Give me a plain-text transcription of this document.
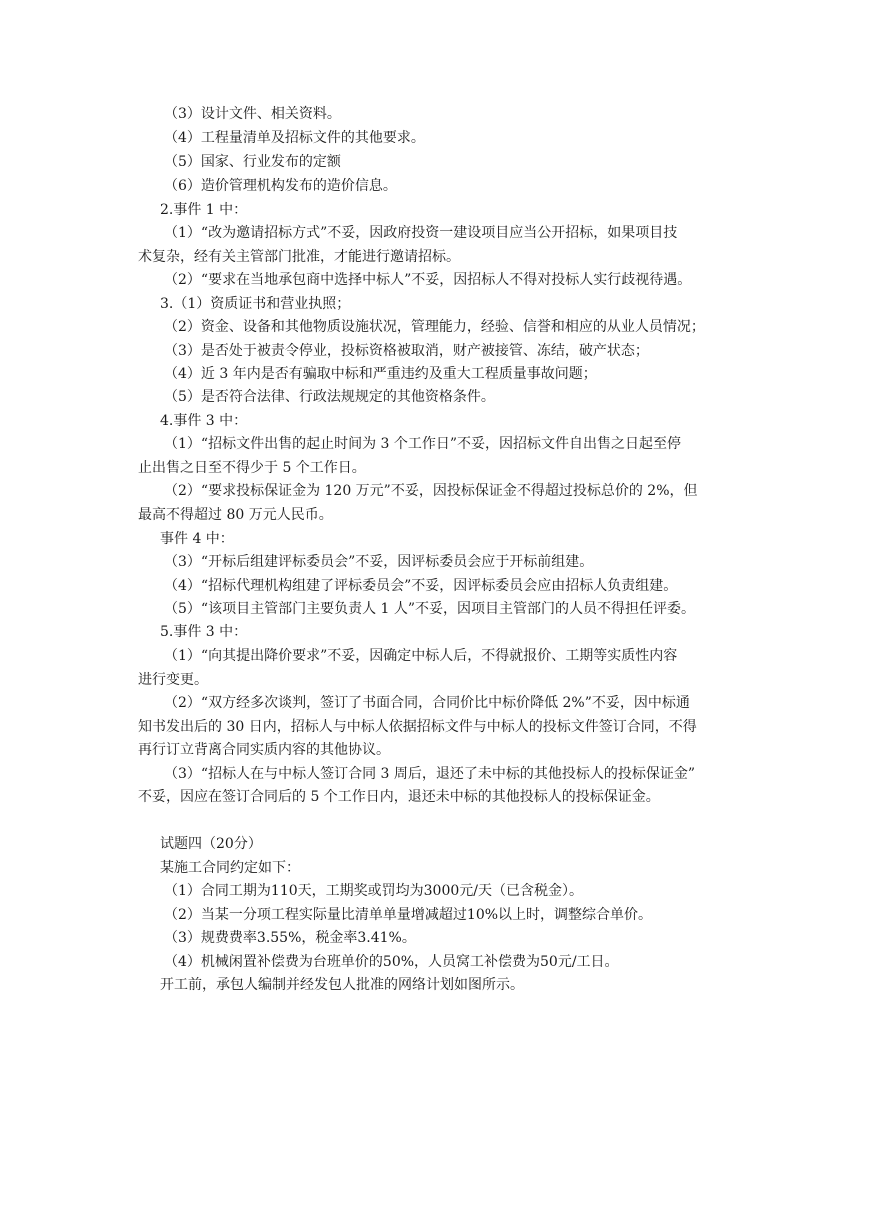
（3）设计文件、相关资料。

（4）工程量清单及招标文件的其他要求。

（5）国家、行业发布的定额

（6）造价管理机构发布的造价信息。

2.事件 1 中：

（1）“改为邀请招标方式”不妥，因政府投资一建设项目应当公开招标，如果项目技

术复杂，经有关主管部门批准，才能进行邀请招标。

（2）“要求在当地承包商中选择中标人”不妥，因招标人不得对投标人实行歧视待遇。

3.（1）资质证书和营业执照；

（2）资金、设备和其他物质设施状况，管理能力，经验、信誉和相应的从业人员情况；

（3）是否处于被责令停业，投标资格被取消，财产被接管、冻结，破产状态；

（4）近 3 年内是否有骗取中标和严重违约及重大工程质量事故问题；

（5）是否符合法律、行政法规规定的其他资格条件。

4.事件 3 中：

（1）“招标文件出售的起止时间为 3 个工作日”不妥，因招标文件自出售之日起至停

止出售之日至不得少于 5 个工作日。

（2）“要求投标保证金为 120 万元”不妥，因投标保证金不得超过投标总价的 2%，但

最高不得超过 80 万元人民币。

事件 4 中：

（3）“开标后组建评标委员会”不妥，因评标委员会应于开标前组建。

（4）“招标代理机构组建了评标委员会”不妥，因评标委员会应由招标人负责组建。

（5）“该项目主管部门主要负责人 1 人”不妥，因项目主管部门的人员不得担任评委。

5.事件 3 中：

（1）“向其提出降价要求”不妥，因确定中标人后，不得就报价、工期等实质性内容

进行变更。

（2）“双方经多次谈判，签订了书面合同，合同价比中标价降低 2%”不妥，因中标通

知书发出后的 30 日内，招标人与中标人依据招标文件与中标人的投标文件签订合同，不得

再行订立背离合同实质内容的其他协议。

（3）“招标人在与中标人签订合同 3 周后，退还了未中标的其他投标人的投标保证金”

不妥，因应在签订合同后的 5 个工作日内，退还未中标的其他投标人的投标保证金。

试题四（20分）

某施工合同约定如下：

（1）合同工期为110天，工期奖或罚均为3000元/天（已含税金）。

（2）当某一分项工程实际量比清单单量增减超过10%以上时，调整综合单价。

（3）规费费率3.55%，税金率3.41%。

（4）机械闲置补偿费为台班单价的50%，人员窝工补偿费为50元/工日。

开工前，承包人编制并经发包人批准的网络计划如图所示。
